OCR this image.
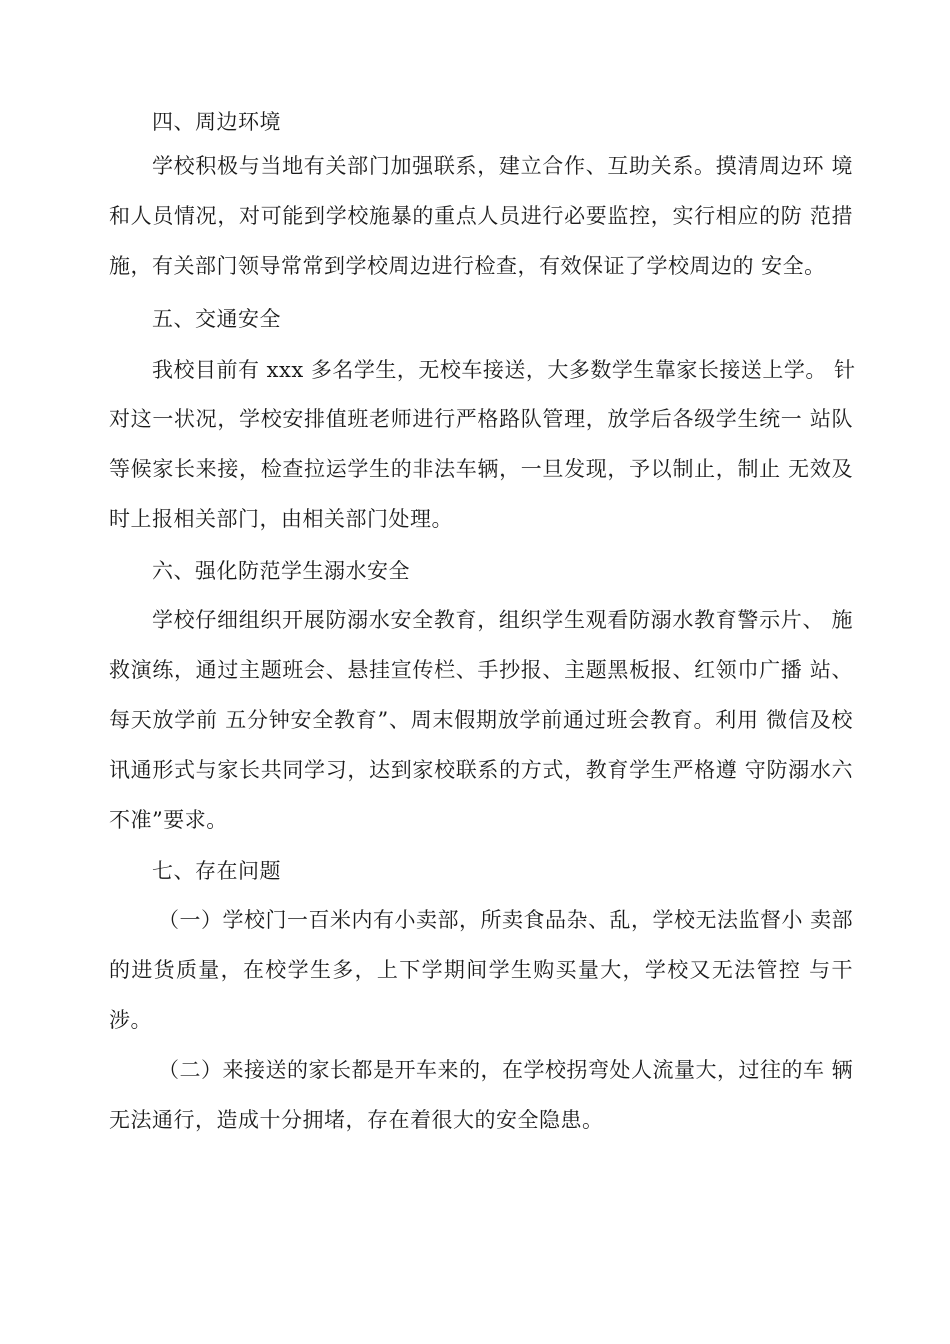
四、周边环境
学校积极与当地有关部门加强联系，建立合作、互助关系。摸清周边环 境
和人员情况，对可能到学校施暴的重点人员进行必要监控，实行相应的防 范措
施，有关部门领导常常到学校周边进行检查，有效保证了学校周边的 安全。
五、交通安全
我校目前有 xxx 多名学生，无校车接送，大多数学生靠家长接送上学。 针
对这一状况，学校安排值班老师进行严格路队管理，放学后各级学生统一 站队
等候家长来接，检查拉运学生的非法车辆，一旦发现，予以制止，制止 无效及
时上报相关部门，由相关部门处理。
六、强化防范学生溺水安全
学校仔细组织开展防溺水安全教育，组织学生观看防溺水教育警示片、 施
救演练，通过主题班会、悬挂宣传栏、手抄报、主题黑板报、红领巾广播 站、
每天放学前 五分钟安全教育”、周末假期放学前通过班会教育。利用 微信及校
讯通形式与家长共同学习，达到家校联系的方式，教育学生严格遵 守防溺水六
不准”要求。
七、存在问题
（一）学校门一百米内有小卖部，所卖食品杂、乱，学校无法监督小 卖部
的进货质量，在校学生多，上下学期间学生购买量大，学校又无法管控 与干
涉。
（二）来接送的家长都是开车来的，在学校拐弯处人流量大，过往的车 辆
无法通行，造成十分拥堵，存在着很大的安全隐患。
